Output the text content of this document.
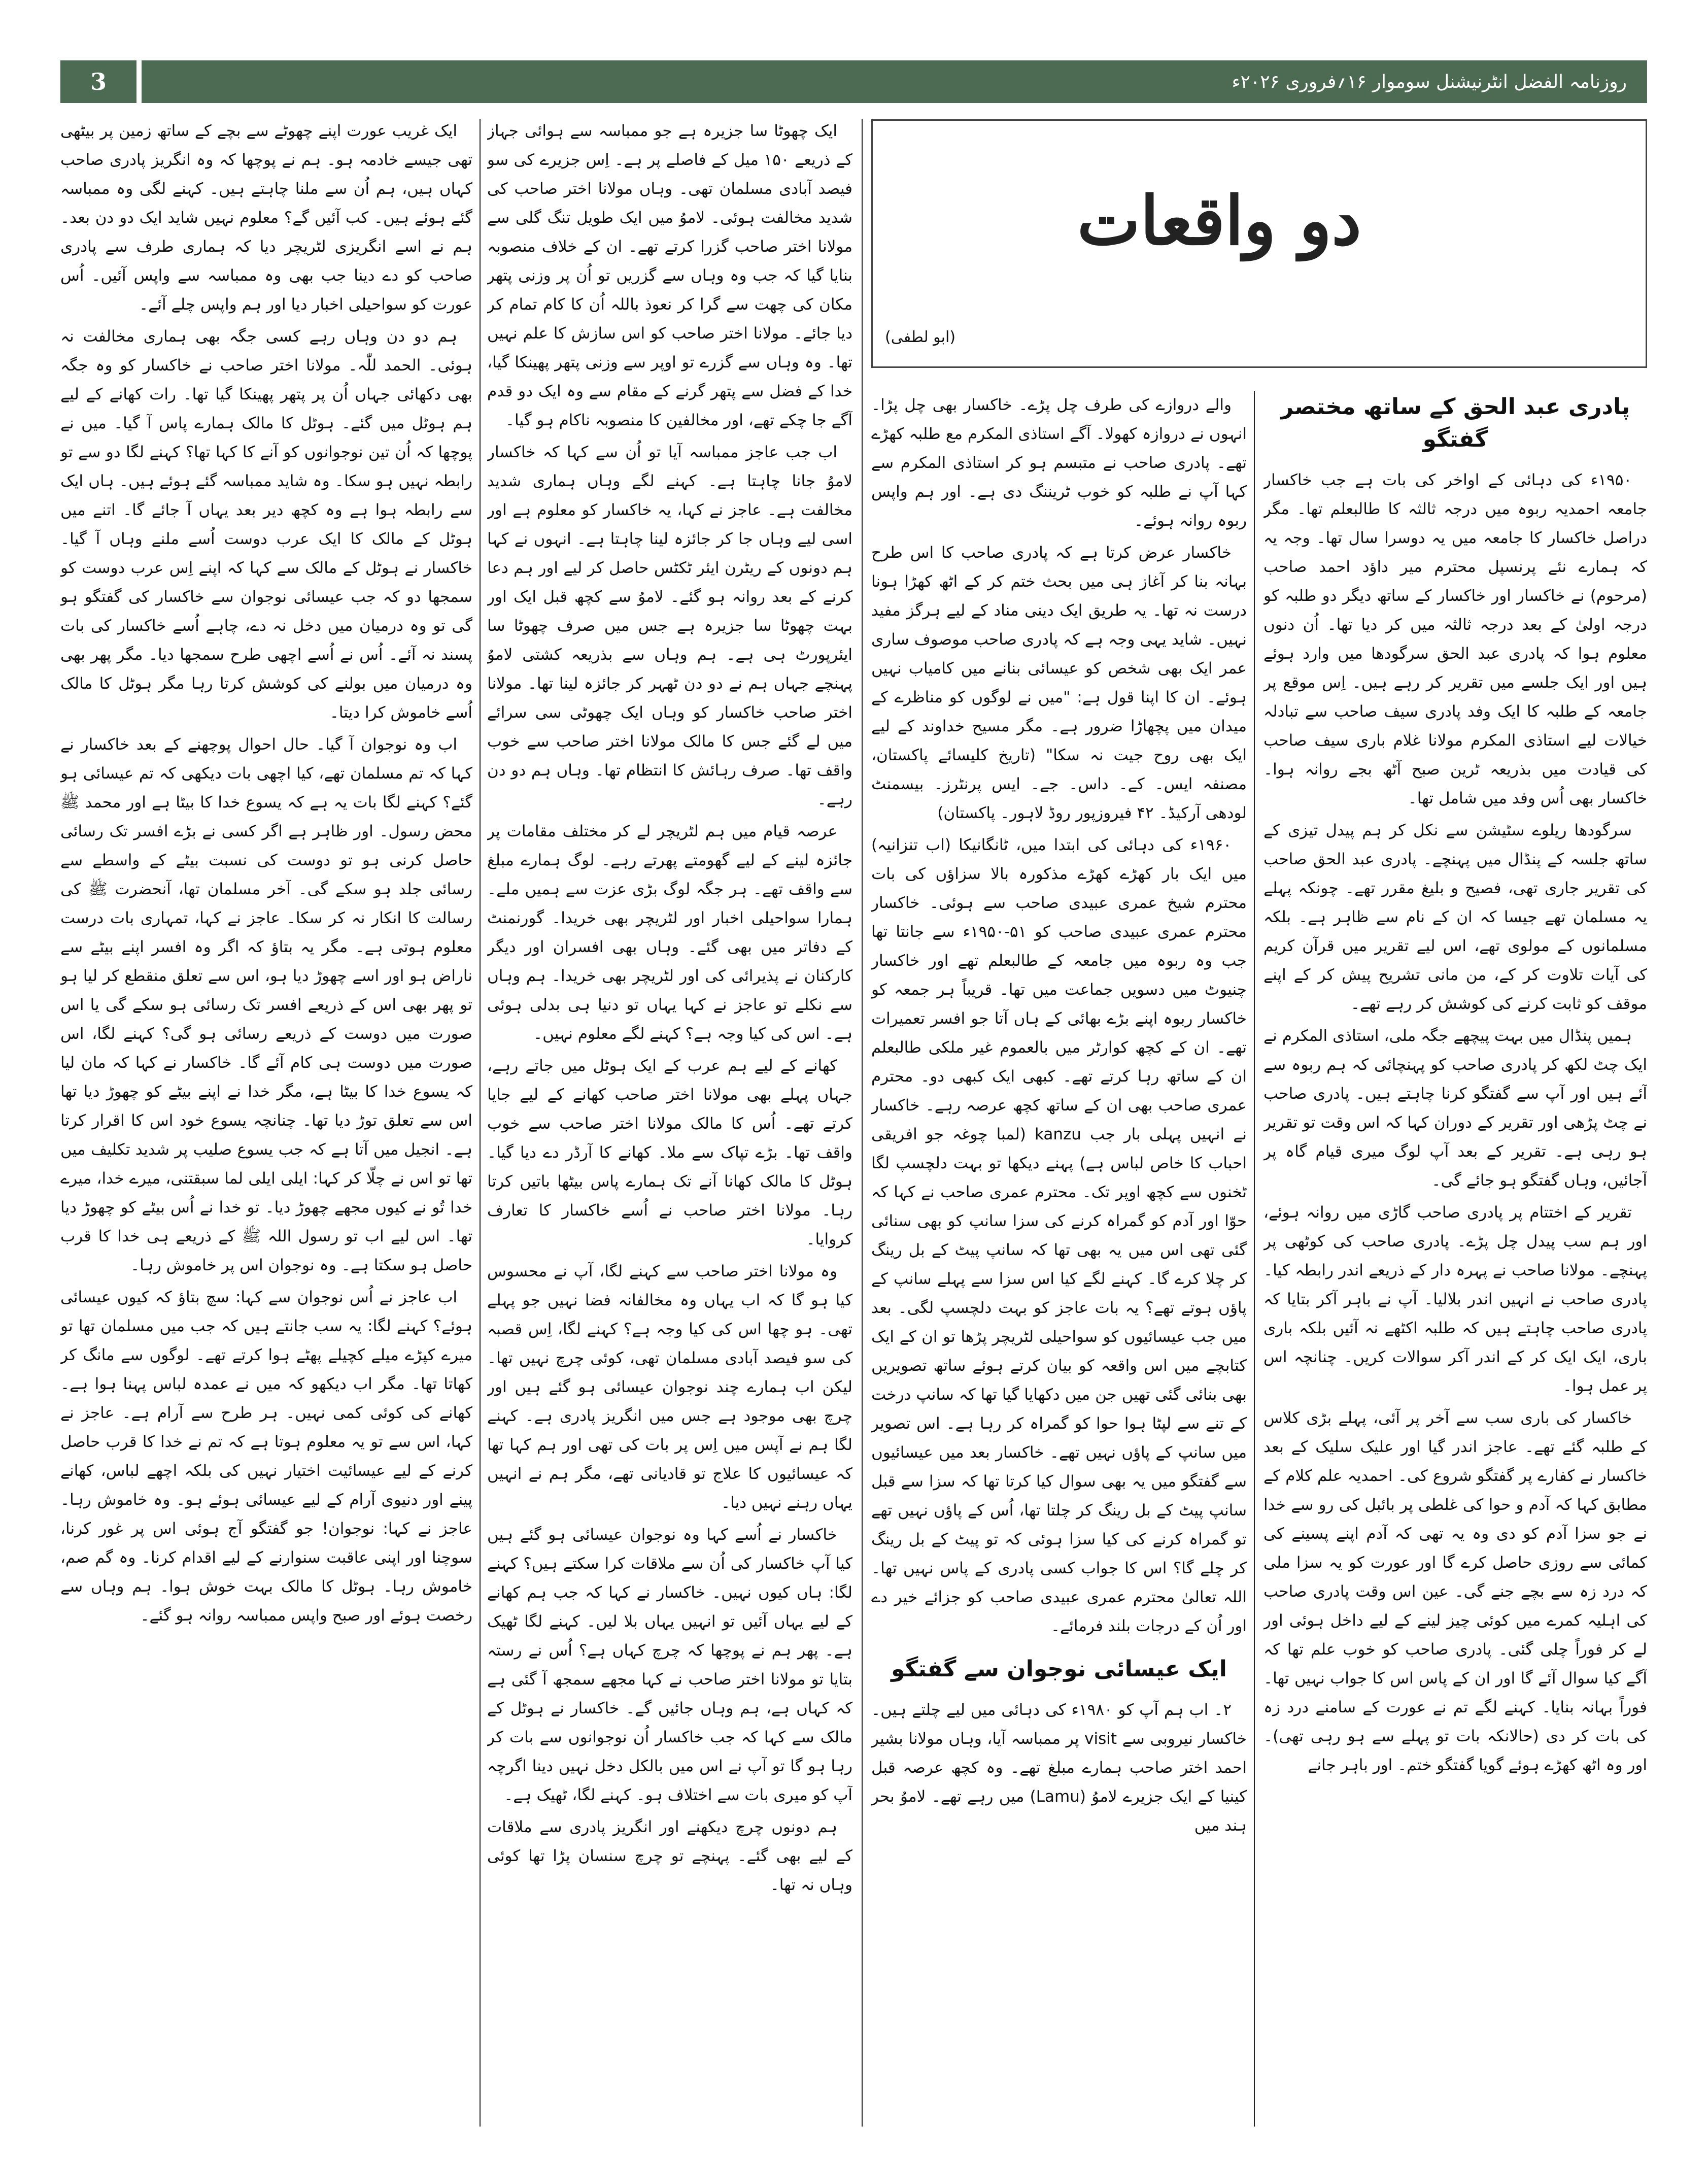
3	روزنامہ الفضل انٹرنیشنل سوموار ۱۶؍فروری ۲۰۲۶ء
دو واقعات

(ابو لطفی)

پادری عبد الحق کے ساتھ مختصر گفتگو

۱۹۵۰ء کی دہائی کے اواخر کی بات ہے جب خاکسار جامعہ احمدیہ ربوہ میں درجہ ثالثہ کا طالبعلم تھا۔ مگر دراصل خاکسار کا جامعہ میں یہ دوسرا سال تھا۔ وجہ یہ کہ ہمارے نئے پرنسپل محترم میر داؤد احمد صاحب (مرحوم) نے خاکسار اور خاکسار کے ساتھ دیگر دو طلبہ کو درجہ اولیٰ کے بعد درجہ ثالثہ میں کر دیا تھا۔ اُن دنوں معلوم ہوا کہ پادری عبد الحق سرگودھا میں وارد ہوئے ہیں اور ایک جلسے میں تقریر کر رہے ہیں۔ اِس موقع پر جامعہ کے طلبہ کا ایک وفد پادری سیف صاحب سے تبادلہ خیالات لیے استاذی المکرم مولانا غلام باری سیف صاحب کی قیادت میں بذریعہ ٹرین صبح آٹھ بجے روانہ ہوا۔ خاکسار بھی اُس وفد میں شامل تھا۔

سرگودھا ریلوے سٹیشن سے نکل کر ہم پیدل تیزی کے ساتھ جلسہ کے پنڈال میں پہنچے۔ پادری عبد الحق صاحب کی تقریر جاری تھی، فصیح و بلیغ مقرر تھے۔ چونکہ پہلے یہ مسلمان تھے جیسا کہ ان کے نام سے ظاہر ہے۔ بلکہ مسلمانوں کے مولوی تھے، اس لیے تقریر میں قرآن کریم کی آیات تلاوت کر کے، من مانی تشریح پیش کر کے اپنے موقف کو ثابت کرنے کی کوشش کر رہے تھے۔

ہمیں پنڈال میں بہت پیچھے جگہ ملی، استاذی المکرم نے ایک چٹ لکھ کر پادری صاحب کو پہنچائی کہ ہم ربوہ سے آئے ہیں اور آپ سے گفتگو کرنا چاہتے ہیں۔ پادری صاحب نے چٹ پڑھی اور تقریر کے دوران کہا کہ اس وقت تو تقریر ہو رہی ہے۔ تقریر کے بعد آپ لوگ میری قیام گاہ پر آجائیں، وہاں گفتگو ہو جائے گی۔

تقریر کے اختتام پر پادری صاحب گاڑی میں روانہ ہوئے، اور ہم سب پیدل چل پڑے۔ پادری صاحب کی کوٹھی پر پہنچے۔ مولانا صاحب نے پہرہ دار کے ذریعے اندر رابطہ کیا۔ پادری صاحب نے انہیں اندر بلالیا۔ آپ نے باہر آکر بتایا کہ پادری صاحب چاہتے ہیں کہ طلبہ اکٹھے نہ آئیں بلکہ باری باری، ایک ایک کر کے اندر آکر سوالات کریں۔ چنانچہ اس پر عمل ہوا۔

خاکسار کی باری سب سے آخر پر آئی، پہلے بڑی کلاس کے طلبہ گئے تھے۔ عاجز اندر گیا اور علیک سلیک کے بعد خاکسار نے کفارے پر گفتگو شروع کی۔ احمدیہ علم کلام کے مطابق کہا کہ آدم و حوا کی غلطی پر بائبل کی رو سے خدا نے جو سزا آدم کو دی وہ یہ تھی کہ آدم اپنے پسینے کی کمائی سے روزی حاصل کرے گا اور عورت کو یہ سزا ملی کہ درد زہ سے بچے جنے گی۔ عین اس وقت پادری صاحب کی اہلیہ کمرے میں کوئی چیز لینے کے لیے داخل ہوئی اور لے کر فوراً چلی گئی۔ پادری صاحب کو خوب علم تھا کہ آگے کیا سوال آئے گا اور ان کے پاس اس کا جواب نہیں تھا۔ فوراً بہانہ بنایا۔ کہنے لگے تم نے عورت کے سامنے درد زہ کی بات کر دی (حالانکہ بات تو پہلے سے ہو رہی تھی)۔ اور وہ اٹھ کھڑے ہوئے گویا گفتگو ختم۔ اور باہر جانے

والے دروازے کی طرف چل پڑے۔ خاکسار بھی چل پڑا۔ انہوں نے دروازہ کھولا۔ آگے استاذی المکرم مع طلبہ کھڑے تھے۔ پادری صاحب نے متبسم ہو کر استاذی المکرم سے کہا آپ نے طلبہ کو خوب ٹریننگ دی ہے۔ اور ہم واپس ربوہ روانہ ہوئے۔

خاکسار عرض کرتا ہے کہ پادری صاحب کا اس طرح بہانہ بنا کر آغاز ہی میں بحث ختم کر کے اٹھ کھڑا ہونا درست نہ تھا۔ یہ طریق ایک دینی مناد کے لیے ہرگز مفید نہیں۔ شاید یہی وجہ ہے کہ پادری صاحب موصوف ساری عمر ایک بھی شخص کو عیسائی بنانے میں کامیاب نہیں ہوئے۔ ان کا اپنا قول ہے: "میں نے لوگوں کو مناظرے کے میدان میں پچھاڑا ضرور ہے۔ مگر مسیح خداوند کے لیے ایک بھی روح جیت نہ سکا" (تاریخ کلیسائے پاکستان، مصنفہ ایس۔ کے۔ داس۔ جے۔ ایس پرنٹرز۔ بیسمنٹ لودھی آرکیڈ۔ ۴۲ فیروزپور روڈ لاہور۔ پاکستان)

۱۹۶۰ء کی دہائی کی ابتدا میں، ٹانگانیکا (اب تنزانیہ) میں ایک بار کھڑے کھڑے مذکورہ بالا سزاؤں کی بات محترم شیخ عمری عبیدی صاحب سے ہوئی۔ خاکسار محترم عمری عبیدی صاحب کو ۵۱-۱۹۵۰ء سے جانتا تھا جب وہ ربوہ میں جامعہ کے طالبعلم تھے اور خاکسار چنیوٹ میں دسویں جماعت میں تھا۔ قریباً ہر جمعہ کو خاکسار ربوہ اپنے بڑے بھائی کے ہاں آتا جو افسر تعمیرات تھے۔ ان کے کچھ کوارٹر میں بالعموم غیر ملکی طالبعلم ان کے ساتھ رہا کرتے تھے۔ کبھی ایک کبھی دو۔ محترم عمری صاحب بھی ان کے ساتھ کچھ عرصہ رہے۔ خاکسار نے انہیں پہلی بار جب kanzu (لمبا چوغہ جو افریقی احباب کا خاص لباس ہے) پہنے دیکھا تو بہت دلچسپ لگا ٹخنوں سے کچھ اوپر تک۔ محترم عمری صاحب نے کہا کہ حوّا اور آدم کو گمراہ کرنے کی سزا سانپ کو بھی سنائی گئی تھی اس میں یہ بھی تھا کہ سانپ پیٹ کے بل رینگ کر چلا کرے گا۔ کہنے لگے کیا اس سزا سے پہلے سانپ کے پاؤں ہوتے تھے؟ یہ بات عاجز کو بہت دلچسپ لگی۔ بعد میں جب عیسائیوں کو سواحیلی لٹریچر پڑھا تو ان کے ایک کتابچے میں اس واقعہ کو بیان کرتے ہوئے ساتھ تصویریں بھی بنائی گئی تھیں جن میں دکھایا گیا تھا کہ سانپ درخت کے تنے سے لپٹا ہوا حوا کو گمراہ کر رہا ہے۔ اس تصویر میں سانپ کے پاؤں نہیں تھے۔ خاکسار بعد میں عیسائیوں سے گفتگو میں یہ بھی سوال کیا کرتا تھا کہ سزا سے قبل سانپ پیٹ کے بل رینگ کر چلتا تھا، اُس کے پاؤں نہیں تھے تو گمراہ کرنے کی کیا سزا ہوئی کہ تو پیٹ کے بل رینگ کر چلے گا؟ اس کا جواب کسی پادری کے پاس نہیں تھا۔ اللہ تعالیٰ محترم عمری عبیدی صاحب کو جزائے خیر دے اور اُن کے درجات بلند فرمائے۔

ایک عیسائی نوجوان سے گفتگو

۲۔ اب ہم آپ کو ۱۹۸۰ء کی دہائی میں لیے چلتے ہیں۔ خاکسار نیروبی سے visit پر ممباسہ آیا، وہاں مولانا بشیر احمد اختر صاحب ہمارے مبلغ تھے۔ وہ کچھ عرصہ قبل کینیا کے ایک جزیرے لاموُ (Lamu) میں رہے تھے۔ لاموُ بحر ہند میں

ایک چھوٹا سا جزیرہ ہے جو ممباسہ سے ہوائی جہاز کے ذریعے ۱۵۰ میل کے فاصلے پر ہے۔ اِس جزیرے کی سو فیصد آبادی مسلمان تھی۔ وہاں مولانا اختر صاحب کی شدید مخالفت ہوئی۔ لاموُ میں ایک طویل تنگ گلی سے مولانا اختر صاحب گزرا کرتے تھے۔ ان کے خلاف منصوبہ بنایا گیا کہ جب وہ وہاں سے گزریں تو اُن پر وزنی پتھر مکان کی چھت سے گرا کر نعوذ باللہ اُن کا کام تمام کر دیا جائے۔ مولانا اختر صاحب کو اس سازش کا علم نہیں تھا۔ وہ وہاں سے گزرے تو اوپر سے وزنی پتھر پھینکا گیا، خدا کے فضل سے پتھر گرنے کے مقام سے وہ ایک دو قدم آگے جا چکے تھے، اور مخالفین کا منصوبہ ناکام ہو گیا۔

اب جب عاجز ممباسہ آیا تو اُن سے کہا کہ خاکسار لاموُ جانا چاہتا ہے۔ کہنے لگے وہاں ہماری شدید مخالفت ہے۔ عاجز نے کہا، یہ خاکسار کو معلوم ہے اور اسی لیے وہاں جا کر جائزہ لینا چاہتا ہے۔ انہوں نے کہا ہم دونوں کے ریٹرن ایئر ٹکٹس حاصل کر لیے اور ہم دعا کرنے کے بعد روانہ ہو گئے۔ لاموُ سے کچھ قبل ایک اور بہت چھوٹا سا جزیرہ ہے جس میں صرف چھوٹا سا ایئرپورٹ ہی ہے۔ ہم وہاں سے بذریعہ کشتی لاموُ پہنچے جہاں ہم نے دو دن ٹھہر کر جائزہ لینا تھا۔ مولانا اختر صاحب خاکسار کو وہاں ایک چھوٹی سی سرائے میں لے گئے جس کا مالک مولانا اختر صاحب سے خوب واقف تھا۔ صرف رہائش کا انتظام تھا۔ وہاں ہم دو دن رہے۔

عرصہ قیام میں ہم لٹریچر لے کر مختلف مقامات پر جائزہ لینے کے لیے گھومتے پھرتے رہے۔ لوگ ہمارے مبلغ سے واقف تھے۔ ہر جگہ لوگ بڑی عزت سے ہمیں ملے۔ ہمارا سواحیلی اخبار اور لٹریچر بھی خریدا۔ گورنمنٹ کے دفاتر میں بھی گئے۔ وہاں بھی افسران اور دیگر کارکنان نے پذیرائی کی اور لٹریچر بھی خریدا۔ ہم وہاں سے نکلے تو عاجز نے کہا یہاں تو دنیا ہی بدلی ہوئی ہے۔ اس کی کیا وجہ ہے؟ کہنے لگے معلوم نہیں۔

کھانے کے لیے ہم عرب کے ایک ہوٹل میں جاتے رہے، جہاں پہلے بھی مولانا اختر صاحب کھانے کے لیے جایا کرتے تھے۔ اُس کا مالک مولانا اختر صاحب سے خوب واقف تھا۔ بڑے تپاک سے ملا۔ کھانے کا آرڈر دے دیا گیا۔ ہوٹل کا مالک کھانا آنے تک ہمارے پاس بیٹھا باتیں کرتا رہا۔ مولانا اختر صاحب نے اُسے خاکسار کا تعارف کروایا۔

وہ مولانا اختر صاحب سے کہنے لگا، آپ نے محسوس کیا ہو گا کہ اب یہاں وہ مخالفانہ فضا نہیں جو پہلے تھی۔ ہو چھا اس کی کیا وجہ ہے؟ کہنے لگا، اِس قصبہ کی سو فیصد آبادی مسلمان تھی، کوئی چرچ نہیں تھا۔ لیکن اب ہمارے چند نوجوان عیسائی ہو گئے ہیں اور چرچ بھی موجود ہے جس میں انگریز پادری ہے۔ کہنے لگا ہم نے آپس میں اِس پر بات کی تھی اور ہم کہا تھا کہ عیسائیوں کا علاج تو قادیانی تھے، مگر ہم نے انہیں یہاں رہنے نہیں دیا۔

خاکسار نے اُسے کہا وہ نوجوان عیسائی ہو گئے ہیں کیا آپ خاکسار کی اُن سے ملاقات کرا سکتے ہیں؟ کہنے لگا: ہاں کیوں نہیں۔ خاکسار نے کہا کہ جب ہم کھانے کے لیے یہاں آئیں تو انہیں یہاں بلا لیں۔ کہنے لگا ٹھیک ہے۔ پھر ہم نے پوچھا کہ چرچ کہاں ہے؟ اُس نے رستہ بتایا تو مولانا اختر صاحب نے کہا مجھے سمجھ آ گئی ہے کہ کہاں ہے، ہم وہاں جائیں گے۔ خاکسار نے ہوٹل کے مالک سے کہا کہ جب خاکسار اُن نوجوانوں سے بات کر رہا ہو گا تو آپ نے اس میں بالکل دخل نہیں دینا اگرچہ آپ کو میری بات سے اختلاف ہو۔ کہنے لگا، ٹھیک ہے۔

ہم دونوں چرچ دیکھنے اور انگریز پادری سے ملاقات کے لیے بھی گئے۔ پہنچے تو چرچ سنسان پڑا تھا کوئی وہاں نہ تھا۔

ایک غریب عورت اپنے چھوٹے سے بچے کے ساتھ زمین پر بیٹھی تھی جیسے خادمہ ہو۔ ہم نے پوچھا کہ وہ انگریز پادری صاحب کہاں ہیں، ہم اُن سے ملنا چاہتے ہیں۔ کہنے لگی وہ ممباسہ گئے ہوئے ہیں۔ کب آئیں گے؟ معلوم نہیں شاید ایک دو دن بعد۔ ہم نے اسے انگریزی لٹریچر دیا کہ ہماری طرف سے پادری صاحب کو دے دینا جب بھی وہ ممباسہ سے واپس آئیں۔ اُس عورت کو سواحیلی اخبار دیا اور ہم واپس چلے آئے۔

ہم دو دن وہاں رہے کسی جگہ بھی ہماری مخالفت نہ ہوئی۔ الحمد للّٰہ۔ مولانا اختر صاحب نے خاکسار کو وہ جگہ بھی دکھائی جہاں اُن پر پتھر پھینکا گیا تھا۔ رات کھانے کے لیے ہم ہوٹل میں گئے۔ ہوٹل کا مالک ہمارے پاس آ گیا۔ میں نے پوچھا کہ اُن تین نوجوانوں کو آنے کا کہا تھا؟ کہنے لگا دو سے تو رابطہ نہیں ہو سکا۔ وہ شاید ممباسہ گئے ہوئے ہیں۔ ہاں ایک سے رابطہ ہوا ہے وہ کچھ دیر بعد یہاں آ جائے گا۔ اتنے میں ہوٹل کے مالک کا ایک عرب دوست اُسے ملنے وہاں آ گیا۔ خاکسار نے ہوٹل کے مالک سے کہا کہ اپنے اِس عرب دوست کو سمجھا دو کہ جب عیسائی نوجوان سے خاکسار کی گفتگو ہو گی تو وہ درمیان میں دخل نہ دے، چاہے اُسے خاکسار کی بات پسند نہ آئے۔ اُس نے اُسے اچھی طرح سمجھا دیا۔ مگر پھر بھی وہ درمیان میں بولنے کی کوشش کرتا رہا مگر ہوٹل کا مالک اُسے خاموش کرا دیتا۔

اب وہ نوجوان آ گیا۔ حال احوال پوچھنے کے بعد خاکسار نے کہا کہ تم مسلمان تھے، کیا اچھی بات دیکھی کہ تم عیسائی ہو گئے؟ کہنے لگا بات یہ ہے کہ یسوع خدا کا بیٹا ہے اور محمد ﷺ محض رسول۔ اور ظاہر ہے اگر کسی نے بڑے افسر تک رسائی حاصل کرنی ہو تو دوست کی نسبت بیٹے کے واسطے سے رسائی جلد ہو سکے گی۔ آخر مسلمان تھا، آنحضرت ﷺ کی رسالت کا انکار نہ کر سکا۔ عاجز نے کہا، تمہاری بات درست معلوم ہوتی ہے۔ مگر یہ بتاؤ کہ اگر وہ افسر اپنے بیٹے سے ناراض ہو اور اسے چھوڑ دیا ہو، اس سے تعلق منقطع کر لیا ہو تو پھر بھی اس کے ذریعے افسر تک رسائی ہو سکے گی یا اس صورت میں دوست کے ذریعے رسائی ہو گی؟ کہنے لگا، اس صورت میں دوست ہی کام آئے گا۔ خاکسار نے کہا کہ مان لیا کہ یسوع خدا کا بیٹا ہے، مگر خدا نے اپنے بیٹے کو چھوڑ دیا تھا اس سے تعلق توڑ دیا تھا۔ چنانچہ یسوع خود اس کا اقرار کرتا ہے۔ انجیل میں آتا ہے کہ جب یسوع صلیب پر شدید تکلیف میں تھا تو اس نے چلّا کر کہا: ایلی ایلی لما سبقتنی، میرے خدا، میرے خدا تُو نے کیوں مجھے چھوڑ دیا۔ تو خدا نے اُس بیٹے کو چھوڑ دیا تھا۔ اس لیے اب تو رسول اللہ ﷺ کے ذریعے ہی خدا کا قرب حاصل ہو سکتا ہے۔ وہ نوجوان اس پر خاموش رہا۔

اب عاجز نے اُس نوجوان سے کہا: سچ بتاؤ کہ کیوں عیسائی ہوئے؟ کہنے لگا: یہ سب جانتے ہیں کہ جب میں مسلمان تھا تو میرے کپڑے میلے کچیلے پھٹے ہوا کرتے تھے۔ لوگوں سے مانگ کر کھاتا تھا۔ مگر اب دیکھو کہ میں نے عمدہ لباس پہنا ہوا ہے۔ کھانے کی کوئی کمی نہیں۔ ہر طرح سے آرام ہے۔ عاجز نے کہا، اس سے تو یہ معلوم ہوتا ہے کہ تم نے خدا کا قرب حاصل کرنے کے لیے عیسائیت اختیار نہیں کی بلکہ اچھے لباس، کھانے پینے اور دنیوی آرام کے لیے عیسائی ہوئے ہو۔ وہ خاموش رہا۔ عاجز نے کہا: نوجوان! جو گفتگو آج ہوئی اس پر غور کرنا، سوچنا اور اپنی عاقبت سنوارنے کے لیے اقدام کرنا۔ وہ گم صم، خاموش رہا۔ ہوٹل کا مالک بہت خوش ہوا۔ ہم وہاں سے رخصت ہوئے اور صبح واپس ممباسہ روانہ ہو گئے۔
